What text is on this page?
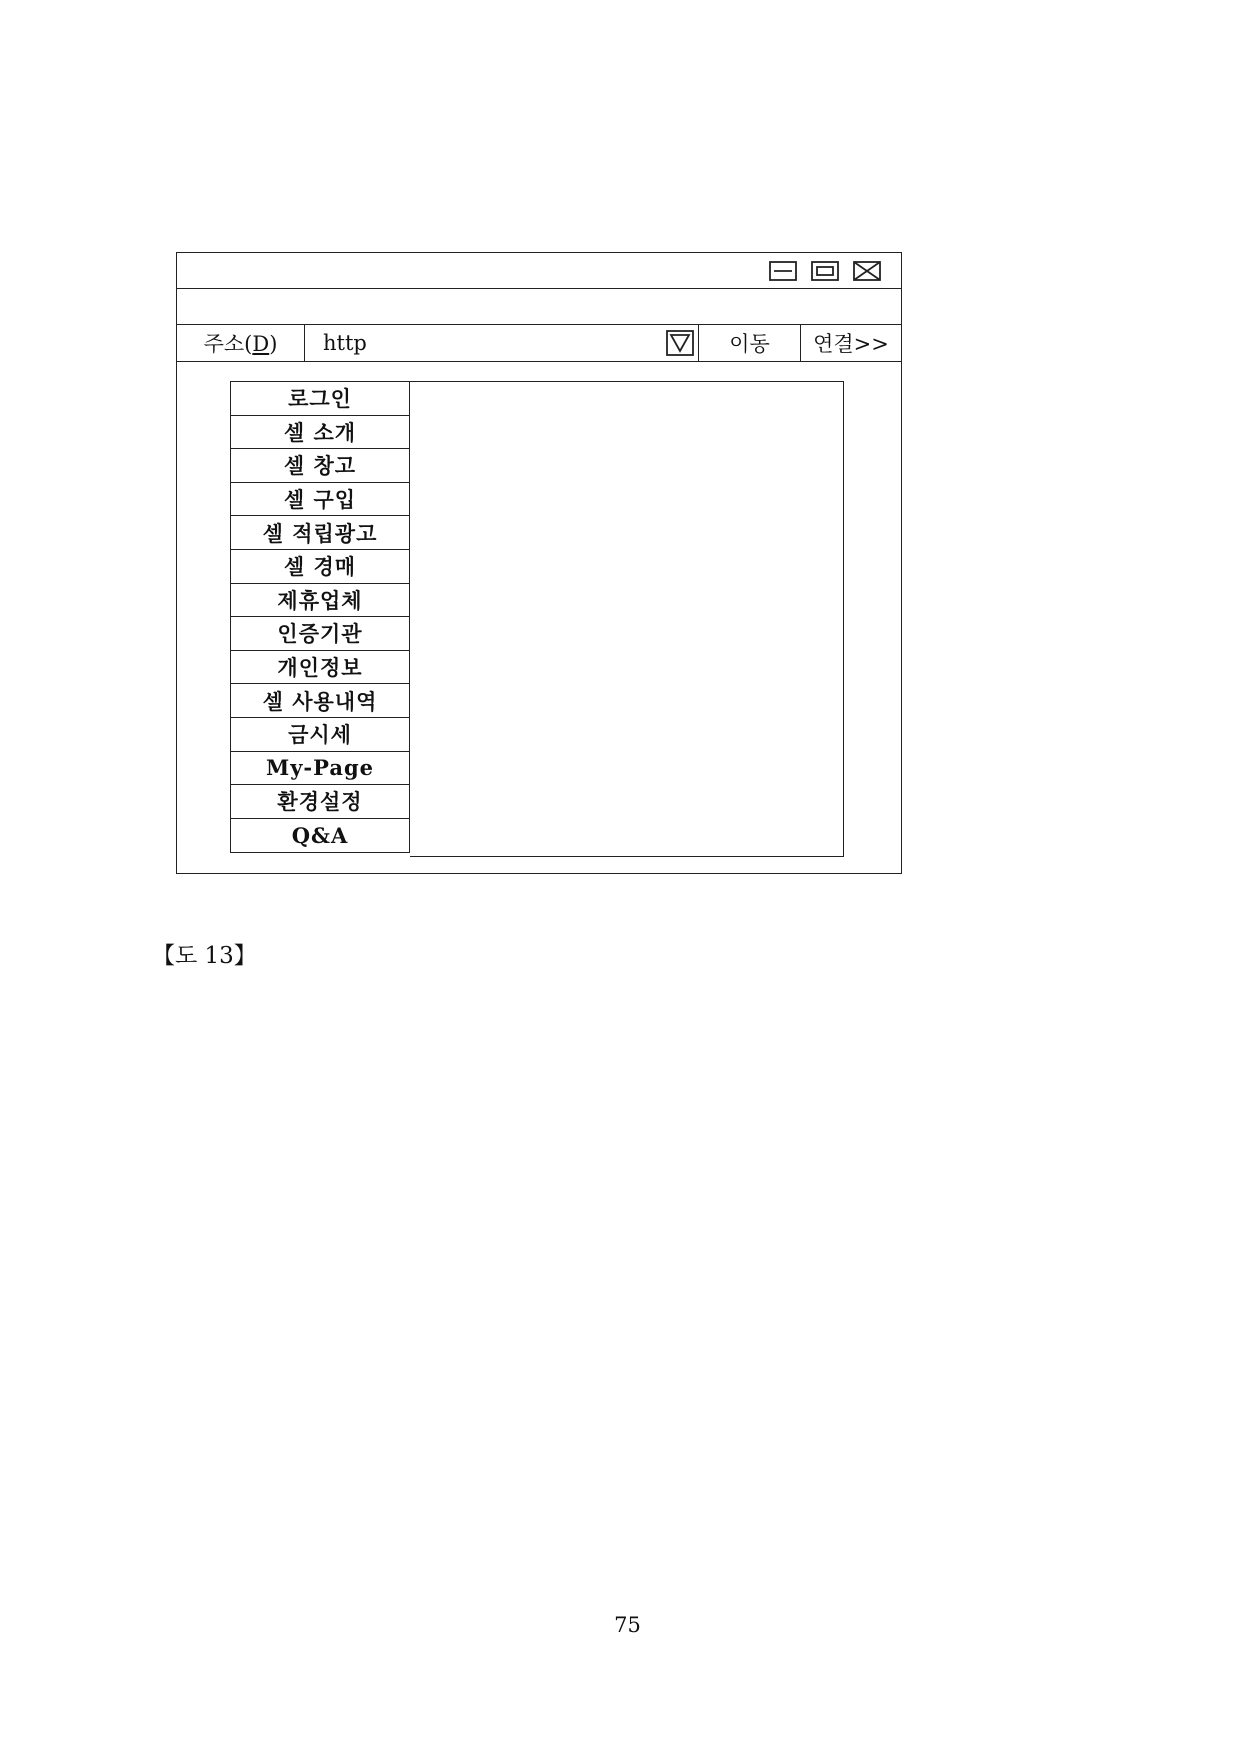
주소(D) http	이동 연결>>
로그인
셀 소개
셀 창고
셀 구입
셀 적립광고
셀 경매
제휴업체
인증기관
개인정보
셀 사용내역
금시세
My-Page
환경설정
Q&A
【도 13】
75
